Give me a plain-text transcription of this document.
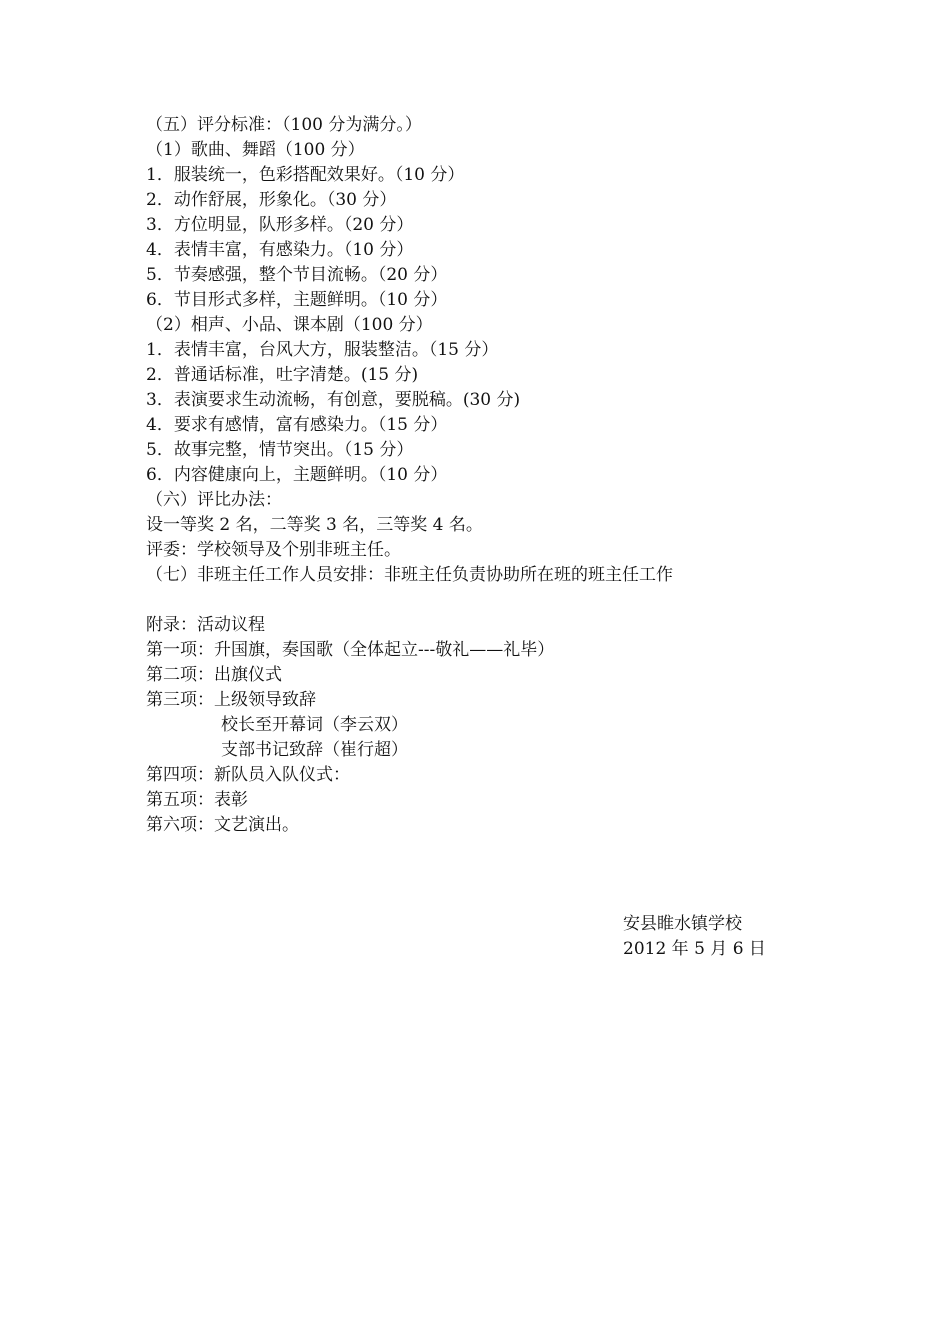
（五）评分标准：（100 分为满分。）
（1）歌曲、舞蹈（100 分）
1．服装统一，色彩搭配效果好。（10 分）
2．动作舒展，形象化。（30 分）
3．方位明显，队形多样。（20 分）
4．表情丰富，有感染力。（10 分）
5．节奏感强，整个节目流畅。（20 分）
6．节目形式多样，主题鲜明。（10 分）
（2）相声、小品、课本剧（100 分）
1．表情丰富，台风大方，服装整洁。（15 分）
2．普通话标准，吐字清楚。(15 分)
3．表演要求生动流畅，有创意，要脱稿。(30 分)
4．要求有感情，富有感染力。（15 分）
5．故事完整，情节突出。（15 分）
6．内容健康向上，主题鲜明。（10 分）
（六）评比办法：
设一等奖 2 名，二等奖 3 名，三等奖 4 名。
评委：学校领导及个别非班主任。
（七）非班主任工作人员安排：非班主任负责协助所在班的班主任工作
附录：活动议程
第一项：升国旗，奏国歌（全体起立---敬礼——礼毕）
第二项：出旗仪式
第三项：上级领导致辞
校长至开幕词（李云双）
支部书记致辞（崔行超）
第四项：新队员入队仪式：
第五项：表彰
第六项：文艺演出。
安县睢水镇学校
2012 年 5 月 6 日
